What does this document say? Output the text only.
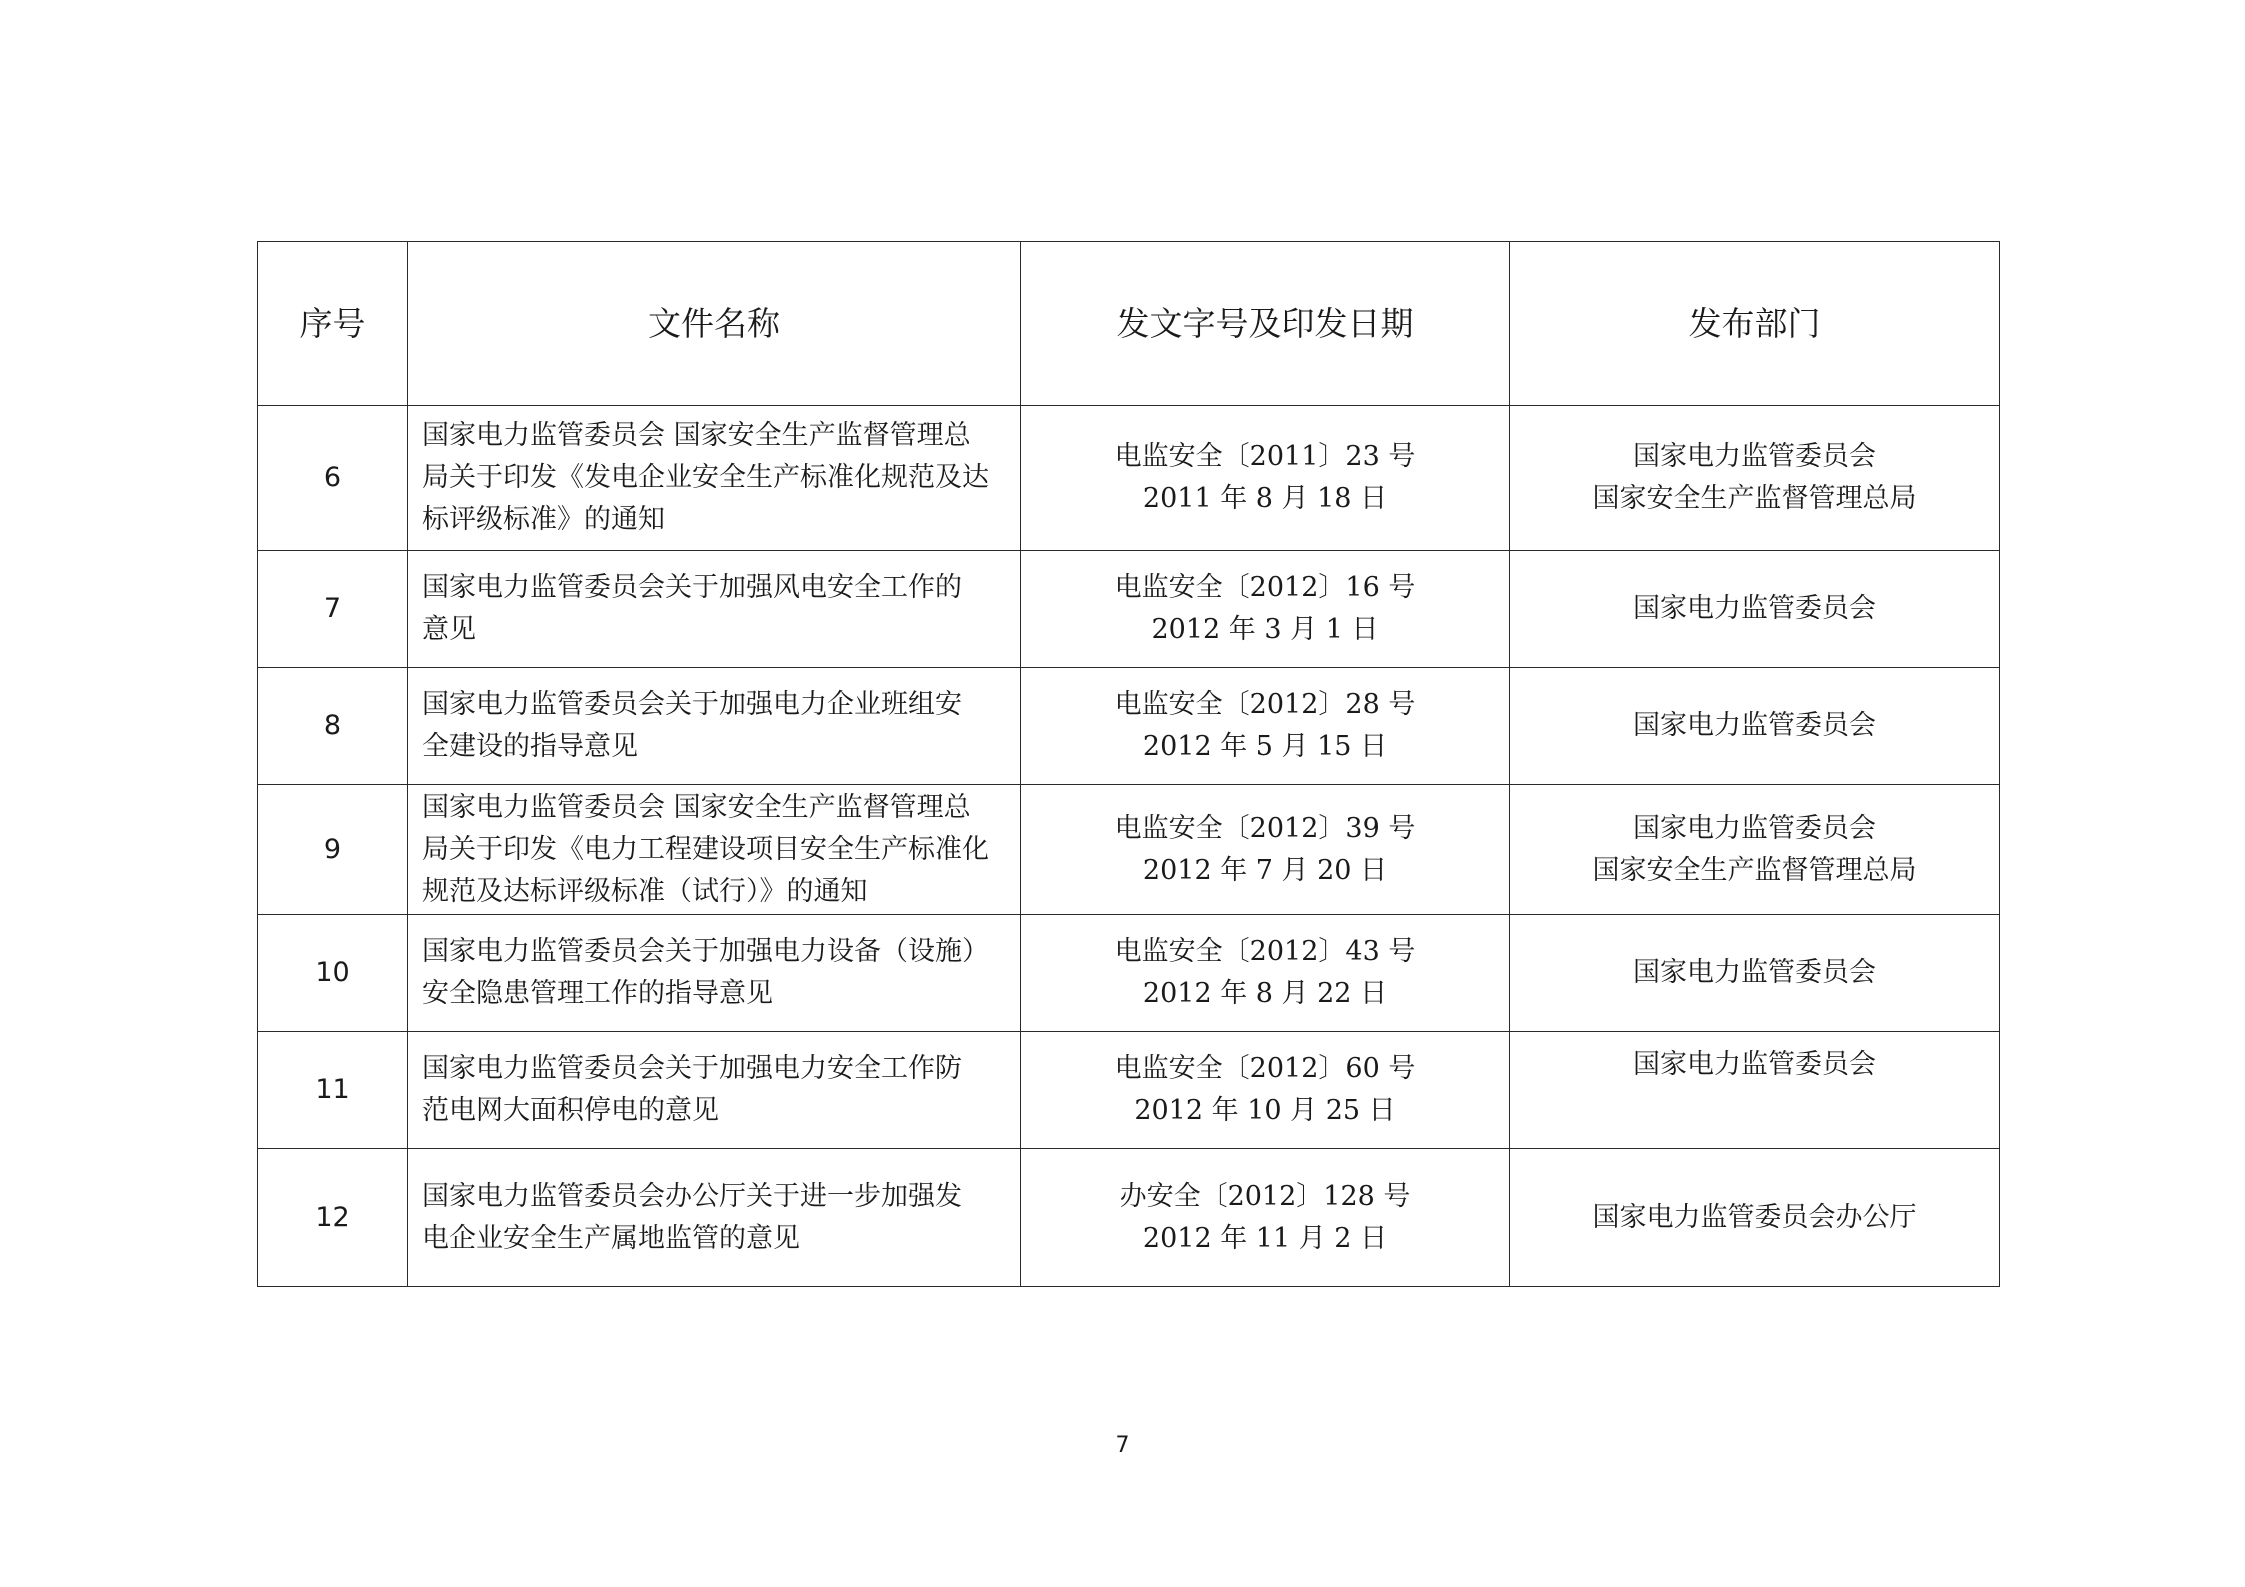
序号	文件名称	发文字号及印发日期	发布部门
6	国家电力监管委员会 国家安全生产监督管理总
局关于印发《发电企业安全生产标准化规范及达
标评级标准》的通知	电监安全〔2011〕23 号
2011 年 8 月 18 日	国家电力监管委员会
国家安全生产监督管理总局

7	国家电力监管委员会关于加强风电安全工作的
意见	电监安全〔2012〕16 号
2012 年 3 月 1 日	国家电力监管委员会

8	国家电力监管委员会关于加强电力企业班组安
全建设的指导意见	电监安全〔2012〕28 号
2012 年 5 月 15 日	国家电力监管委员会

9	国家电力监管委员会 国家安全生产监督管理总
局关于印发《电力工程建设项目安全生产标准化
规范及达标评级标准（试行）》的通知	电监安全〔2012〕39 号
2012 年 7 月 20 日	国家电力监管委员会
国家安全生产监督管理总局

10	国家电力监管委员会关于加强电力设备（设施）
安全隐患管理工作的指导意见	电监安全〔2012〕43 号
2012 年 8 月 22 日	国家电力监管委员会

11	国家电力监管委员会关于加强电力安全工作防
范电网大面积停电的意见	电监安全〔2012〕60 号
2012 年 10 月 25 日	国家电力监管委员会

12	国家电力监管委员会办公厅关于进一步加强发
电企业安全生产属地监管的意见	办安全〔2012〕128 号
2012 年 11 月 2 日	国家电力监管委员会办公厅
7
